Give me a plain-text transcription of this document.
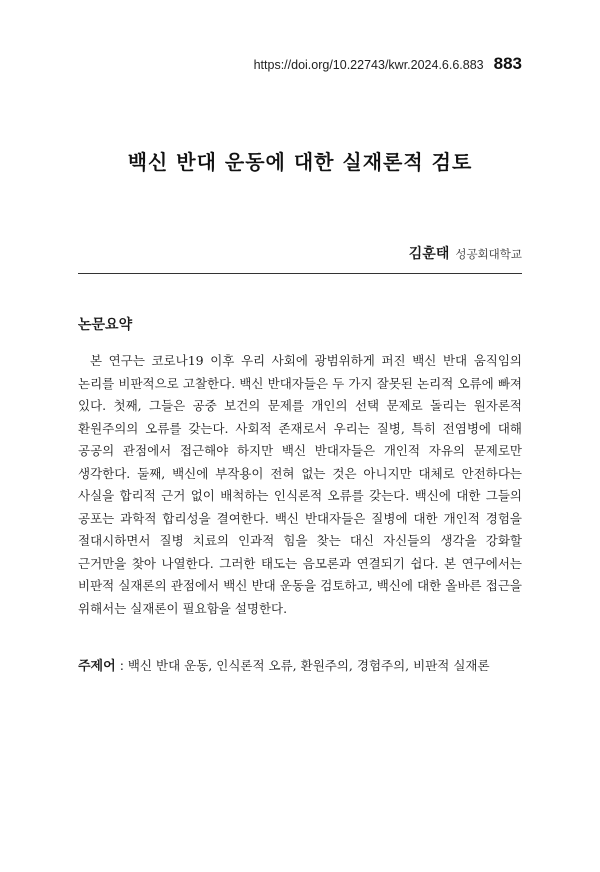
https://doi.org/10.22743/kwr.2024.6.6.883 883
백신 반대 운동에 대한 실재론적 검토
김훈태 성공회대학교
논문요약

본 연구는 코로나19 이후 우리 사회에 광범위하게 퍼진 백신 반대 움직임의 논리를 비판적으로 고찰한다. 백신 반대자들은 두 가지 잘못된 논리적 오류에 빠져 있다. 첫째, 그들은 공중 보건의 문제를 개인의 선택 문제로 돌리는 원자론적 환원주의의 오류를 갖는다. 사회적 존재로서 우리는 질병, 특히 전염병에 대해 공공의 관점에서 접근해야 하지만 백신 반대자들은 개인적 자유의 문제로만 생각한다. 둘째, 백신에 부작용이 전혀 없는 것은 아니지만 대체로 안전하다는 사실을 합리적 근거 없이 배척하는 인식론적 오류를 갖는다. 백신에 대한 그들의 공포는 과학적 합리성을 결여한다. 백신 반대자들은 질병에 대한 개인적 경험을 절대시하면서 질병 치료의 인과적 힘을 찾는 대신 자신들의 생각을 강화할 근거만을 찾아 나열한다. 그러한 태도는 음모론과 연결되기 쉽다. 본 연구에서는 비판적 실재론의 관점에서 백신 반대 운동을 검토하고, 백신에 대한 올바른 접근을 위해서는 실재론이 필요함을 설명한다.

주제어 : 백신 반대 운동, 인식론적 오류, 환원주의, 경험주의, 비판적 실재론
